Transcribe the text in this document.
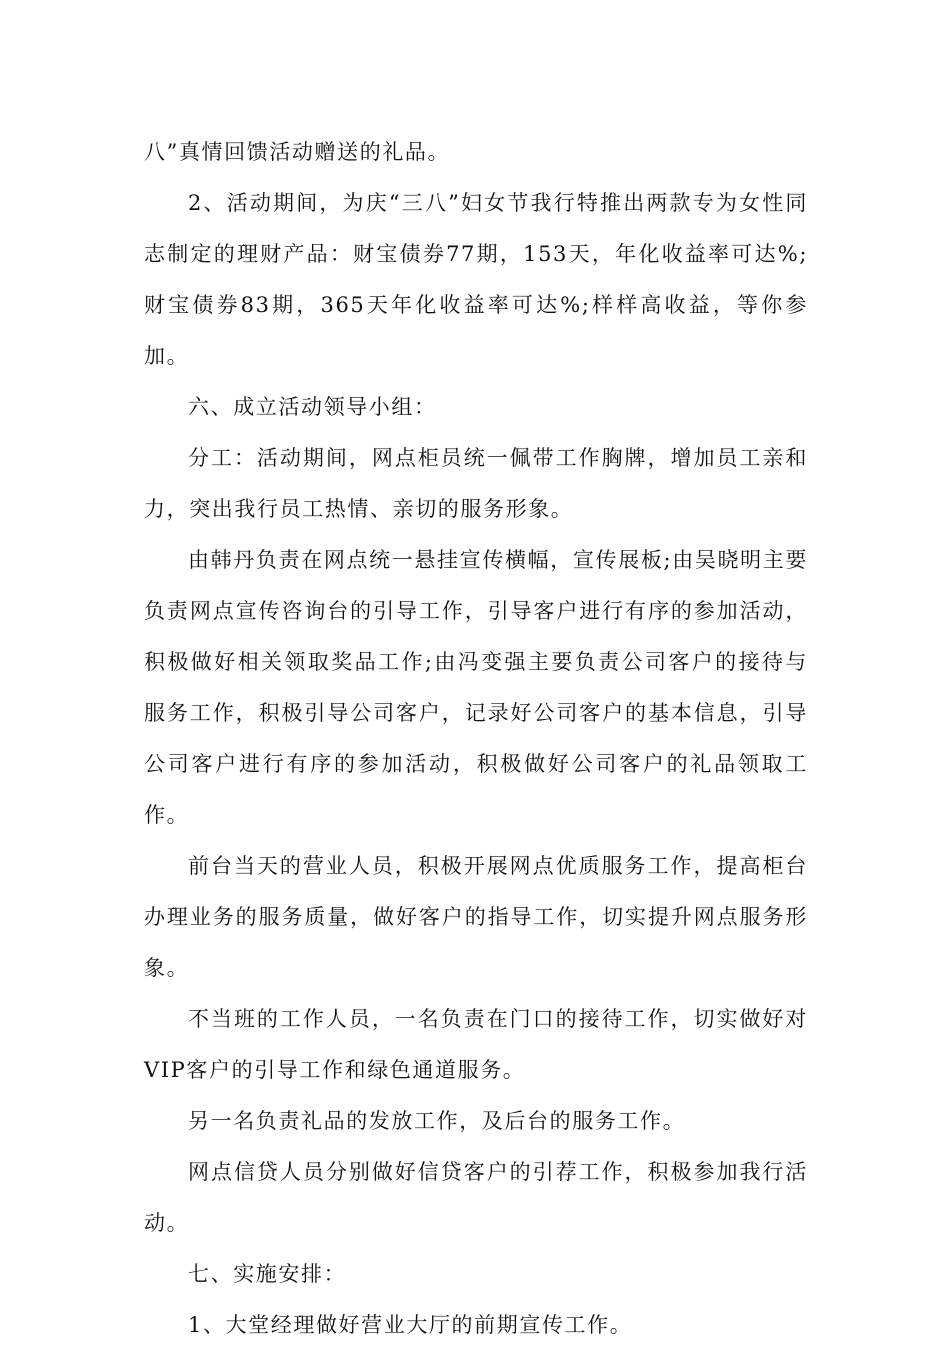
八”真情回馈活动赠送的礼品。

2、活动期间，为庆“三八”妇女节我行特推出两款专为女性同志制定的理财产品：财宝债券77期，153天，年化收益率可达%;财宝债券83期，365天年化收益率可达%;样样高收益，等你参加。

六、成立活动领导小组：

分工：活动期间，网点柜员统一佩带工作胸牌，增加员工亲和力，突出我行员工热情、亲切的服务形象。

由韩丹负责在网点统一悬挂宣传横幅，宣传展板;由吴晓明主要负责网点宣传咨询台的引导工作，引导客户进行有序的参加活动，积极做好相关领取奖品工作;由冯变强主要负责公司客户的接待与服务工作，积极引导公司客户，记录好公司客户的基本信息，引导公司客户进行有序的参加活动，积极做好公司客户的礼品领取工作。

前台当天的营业人员，积极开展网点优质服务工作，提高柜台办理业务的服务质量，做好客户的指导工作，切实提升网点服务形象。

不当班的工作人员，一名负责在门口的接待工作，切实做好对VIP客户的引导工作和绿色通道服务。

另一名负责礼品的发放工作，及后台的服务工作。

网点信贷人员分别做好信贷客户的引荐工作，积极参加我行活动。

七、实施安排：

1、大堂经理做好营业大厅的前期宣传工作。
